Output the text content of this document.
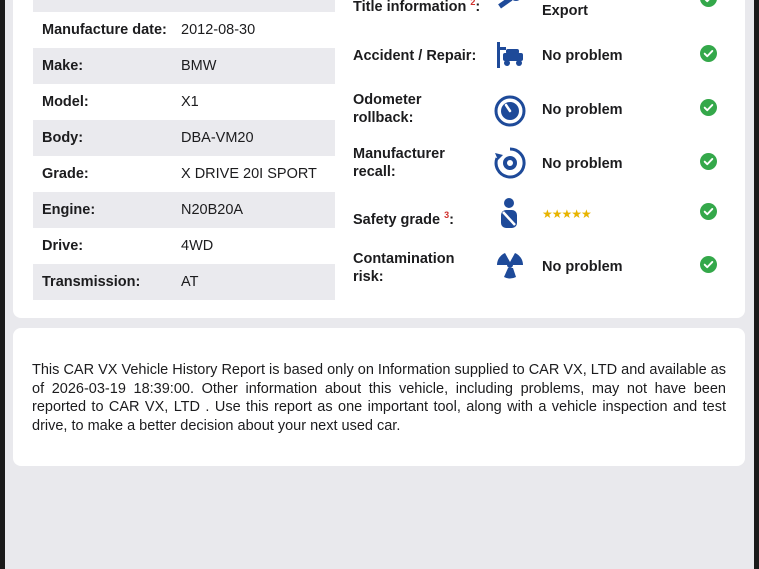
Manufacture date: 2012-08-30
Make:	BMW
Model:	X1
Body:	DBA-VM20
Grade:	X DRIVE 20I SPORT
Engine:	N20B20A
Drive:	4WD
Transmission:	AT
Title information $^2$:	Export
Accident / Repair:	No problem
Odometer rollback:	No problem
Manufacturer recall:	No problem
Safety grade $^3$:	★★★★★
Contamination risk:
No problem

This CAR VX Vehicle History Report is based only on Information supplied to CAR VX, LTD and available as of 2026-03-19 18:39:00. Other information about this vehicle, including problems, may not have been reported to CAR VX, LTD . Use this report as one important tool, along with a vehicle inspection and test drive, to make a better decision about your next used car.
